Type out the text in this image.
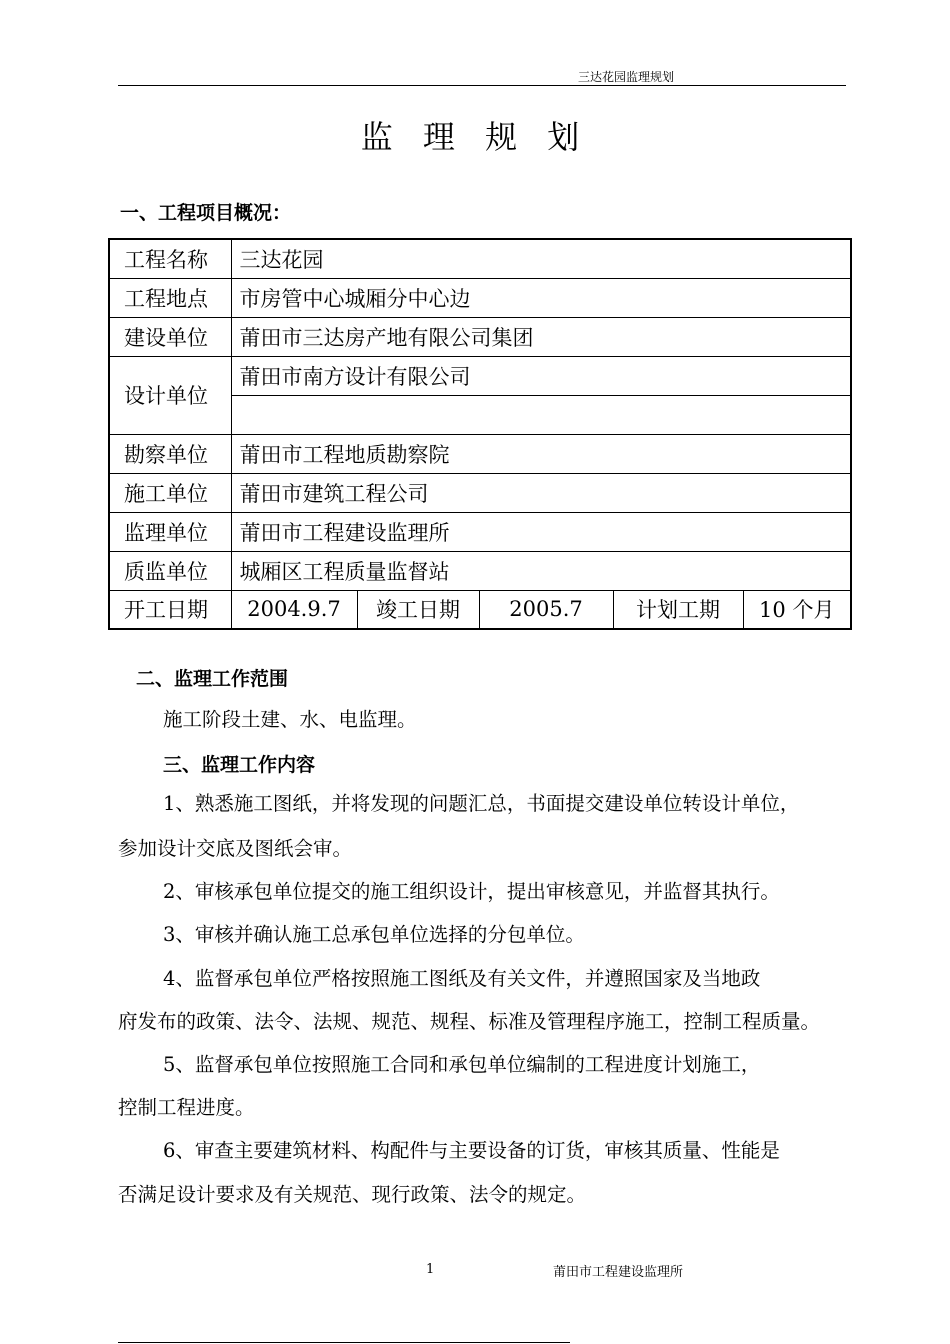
三达花园监理规划
监 理 规 划
一、工程项目概况：
工程名称	三达花园				
工程地点	市房管中心城厢分中心边				
建设单位	莆田市三达房产地有限公司集团				
设计单位	莆田市南方设计有限公司				

勘察单位	莆田市工程地质勘察院				
施工单位	莆田市建筑工程公司				
监理单位	莆田市工程建设监理所				
质监单位	城厢区工程质量监督站				
开工日期	2004.9.7	竣工日期	2005.7	计划工期	10 个月
二、监理工作范围
施工阶段土建、水、电监理。
三、监理工作内容
1、熟悉施工图纸，并将发现的问题汇总，书面提交建设单位转设计单位，
参加设计交底及图纸会审。
2、审核承包单位提交的施工组织设计，提出审核意见，并监督其执行。
3、审核并确认施工总承包单位选择的分包单位。
4、监督承包单位严格按照施工图纸及有关文件，并遵照国家及当地政
府发布的政策、法令、法规、规范、规程、标准及管理程序施工，控制工程质量。
5、监督承包单位按照施工合同和承包单位编制的工程进度计划施工，
控制工程进度。
6、审查主要建筑材料、构配件与主要设备的订货，审核其质量、性能是
否满足设计要求及有关规范、现行政策、法令的规定。
1	莆田市工程建设监理所
